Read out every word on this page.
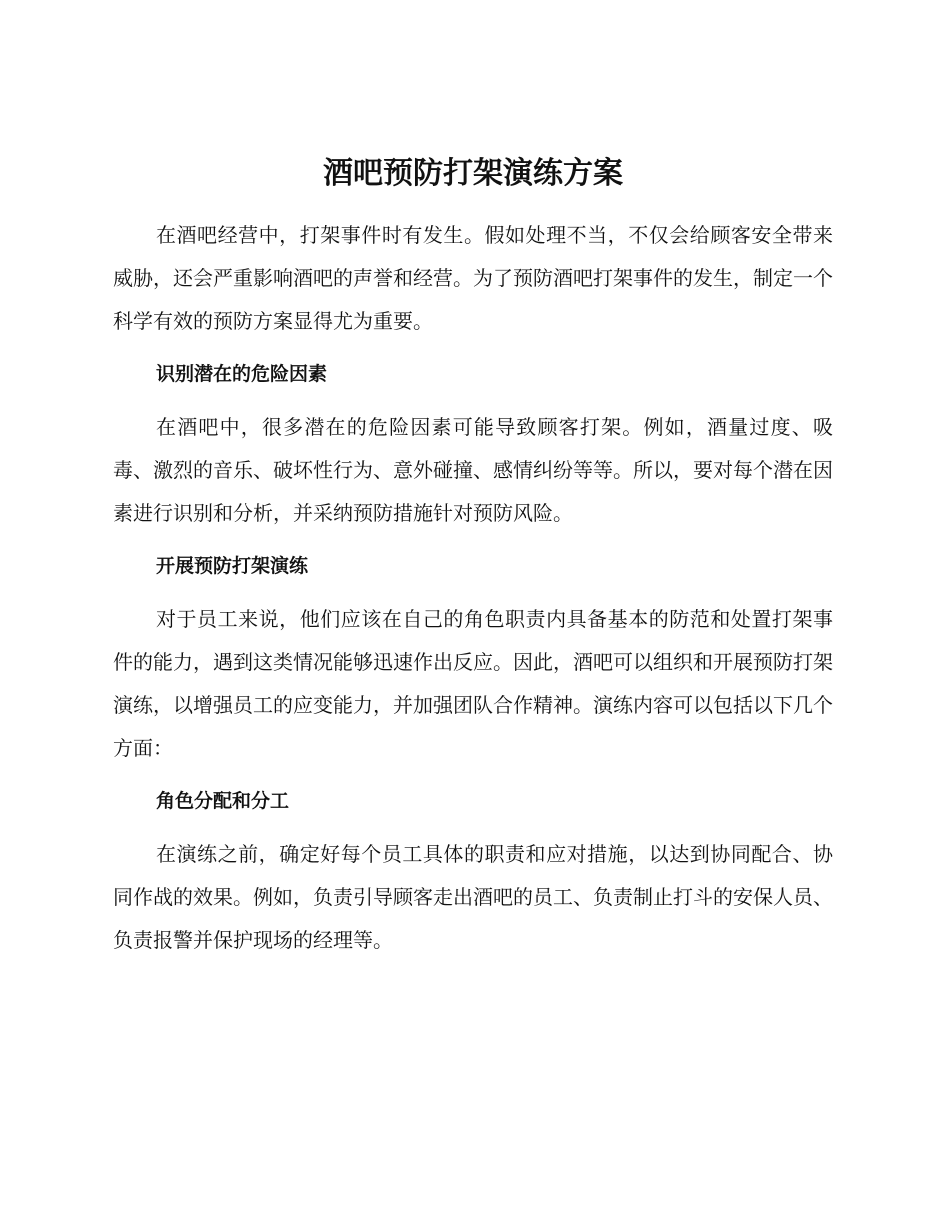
酒吧预防打架演练方案

在酒吧经营中，打架事件时有发生。假如处理不当，不仅会给顾客安全带来威胁，还会严重影响酒吧的声誉和经营。为了预防酒吧打架事件的发生，制定一个科学有效的预防方案显得尤为重要。

识别潜在的危险因素

在酒吧中，很多潜在的危险因素可能导致顾客打架。例如，酒量过度、吸毒、激烈的音乐、破坏性行为、意外碰撞、感情纠纷等等。所以，要对每个潜在因素进行识别和分析，并采纳预防措施针对预防风险。

开展预防打架演练

对于员工来说，他们应该在自己的角色职责内具备基本的防范和处置打架事件的能力，遇到这类情况能够迅速作出反应。因此，酒吧可以组织和开展预防打架演练，以增强员工的应变能力，并加强团队合作精神。演练内容可以包括以下几个方面：

角色分配和分工

在演练之前，确定好每个员工具体的职责和应对措施，以达到协同配合、协同作战的效果。例如，负责引导顾客走出酒吧的员工、负责制止打斗的安保人员、负责报警并保护现场的经理等。
